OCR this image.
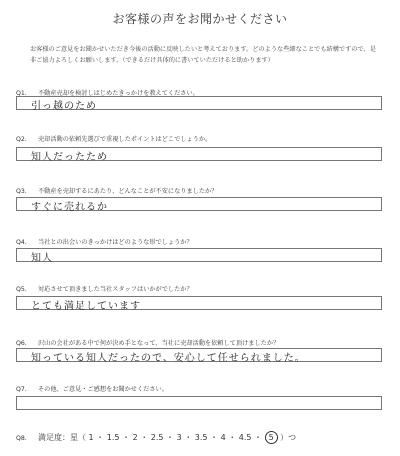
お客様の声をお聞かせください
お客様のご意見をお聞かせいただき今後の活動に反映したいと考えております。どのような些細なことでも結構ですので、是非ご協力よろしくお願いします。（できるだけ具体的に書いていただけると助かります）
Q1. 不動産売却を検討しはじめたきっかけを教えてください。
引っ越のため
Q2. 売却活動の依頼先選びで重視したポイントはどこでしょうか。
知人だったため
Q3. 不動産を売却するにあたり、どんなことが不安になりましたか？
すぐに売れるか
Q4. 当社との出会いのきっかけはどのような形でしょうか？
知人
Q5. 対応させて頂きました当社スタッフはいかがでしたか？
とても満足しています
Q6. 沢山の会社がある中で何が決め手となって、当社に売却活動を依頼して頂けましたか？
知っている知人だったので、安心して任せられました。
Q7. その他、ご意見・ご感想をお聞かせください。
Q8. 満足度：星（ 1 ・ 1.5 ・ 2 ・ 2.5 ・ 3 ・ 3.5 ・ 4 ・ 4.5 ・ 5 ）つ
